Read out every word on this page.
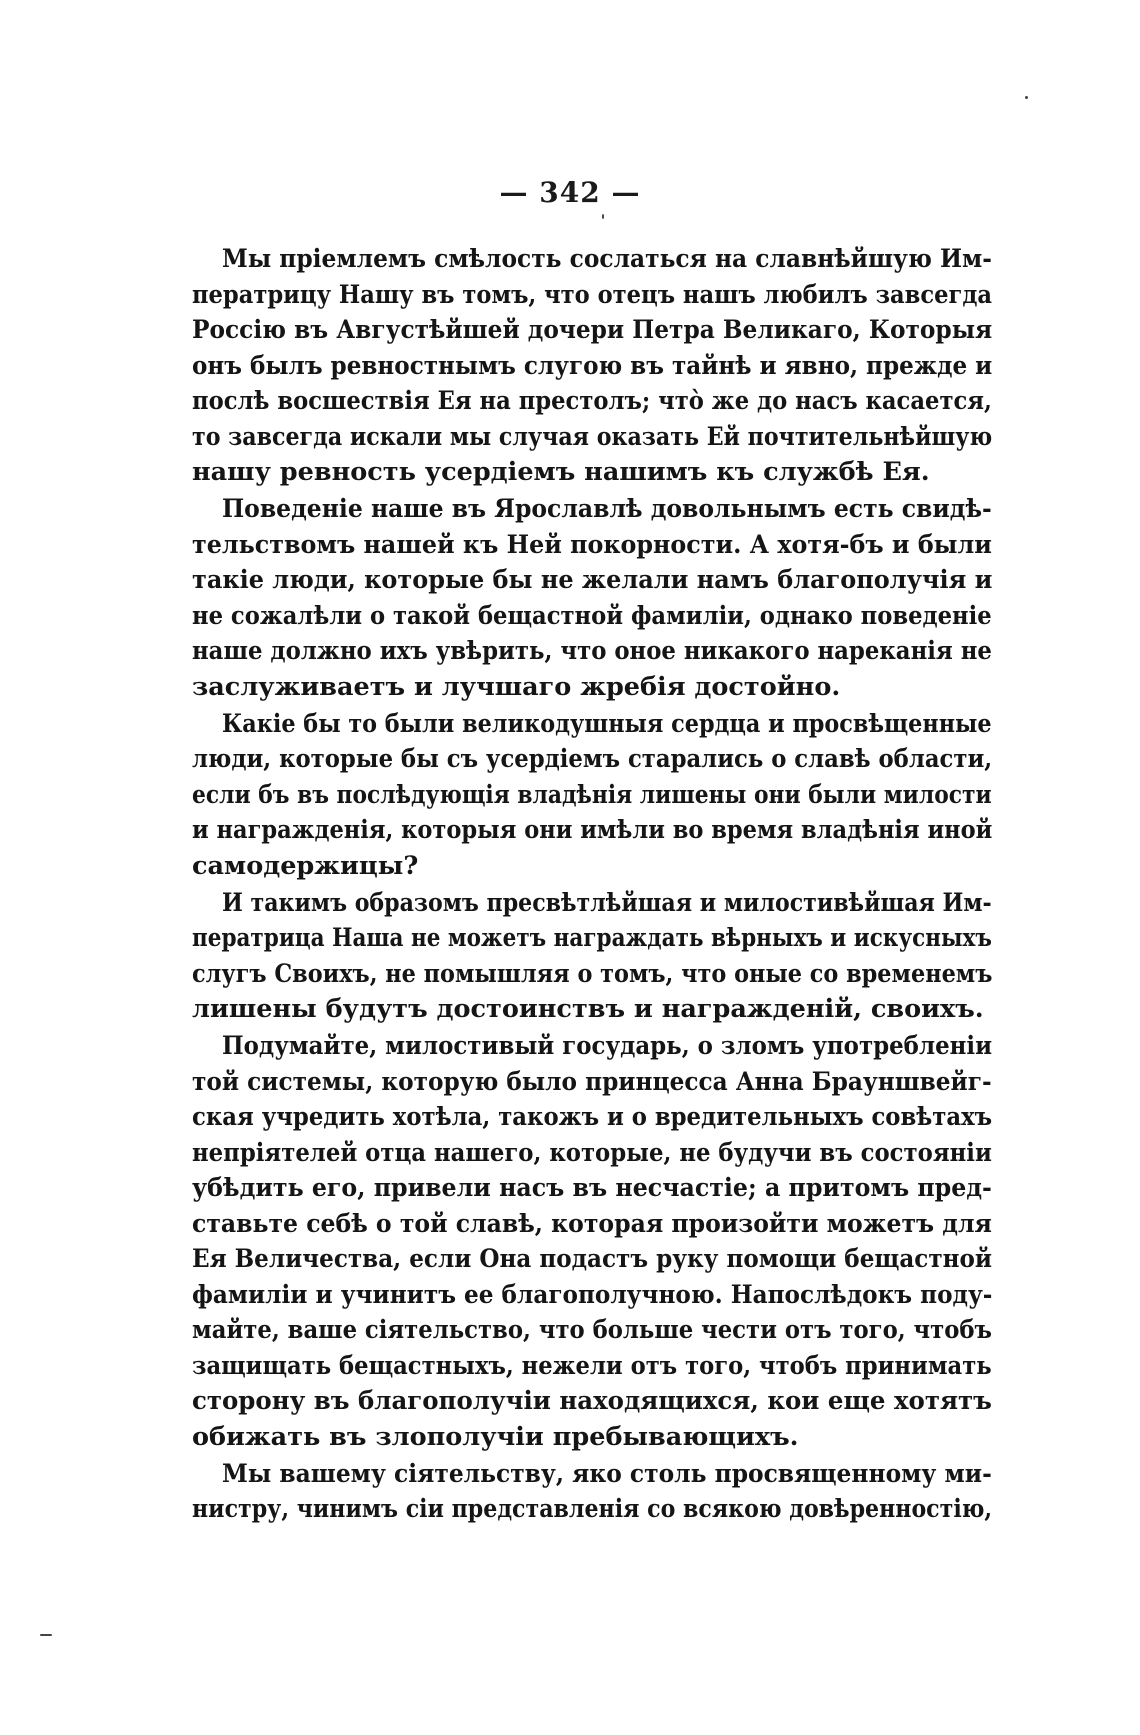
— 342 —
Мы пріемлемъ смѣлость сослаться на славнѣйшую Им-
ператрицу Нашу въ томъ, что отецъ нашъ любилъ завсегда
Россію въ Августѣйшей дочери Петра Великаго, Которыя
онъ былъ ревностнымъ слугою въ тайнѣ и явно, прежде и
послѣ восшествія Ея на престолъ; что̀ же до насъ касается,
то завсегда искали мы случая оказать Ей почтительнѣйшую
нашу ревность усердіемъ нашимъ къ службѣ Ея.
Поведеніе наше въ Ярославлѣ довольнымъ есть свидѣ-
тельствомъ нашей къ Ней покорности. А хотя-бъ и были
такіе люди, которые бы не желали намъ благополучія и
не сожалѣли о такой бещастной фамиліи, однако поведеніе
наше должно ихъ увѣрить, что оное никакого нареканія не
заслуживаетъ и лучшаго жребія достойно.
Какіе бы то были великодушныя сердца и просвѣщенные
люди, которые бы съ усердіемъ старались о славѣ области,
если бъ въ послѣдующія владѣнія лишены они были милости
и награжденія, которыя они имѣли во время владѣнія иной
самодержицы?
И такимъ образомъ пресвѣтлѣйшая и милостивѣйшая Им-
ператрица Наша не можетъ награждать вѣрныхъ и искусныхъ
слугъ Своихъ, не помышляя о томъ, что оные со временемъ
лишены будутъ достоинствъ и награжденій, своихъ.
Подумайте, милостивый государь, о зломъ употребленіи
той системы, которую было принцесса Анна Брауншвейг-
ская учредить хотѣла, такожъ и о вредительныхъ совѣтахъ
непріятелей отца нашего, которые, не будучи въ состояніи
убѣдить его, привели насъ въ несчастіе; а притомъ пред-
ставьте себѣ о той славѣ, которая произойти можетъ для
Ея Величества, если Она подастъ руку помощи бещастной
фамиліи и учинитъ ее благополучною. Напослѣдокъ поду-
майте, ваше сіятельство, что больше чести отъ того, чтобъ
защищать бещастныхъ, нежели отъ того, чтобъ принимать
сторону въ благополучіи находящихся, кои еще хотятъ
обижать въ злополучіи пребывающихъ.
Мы вашему сіятельству, яко столь просвященному ми-
нистру, чинимъ сіи представленія со всякою довѣренностію,
